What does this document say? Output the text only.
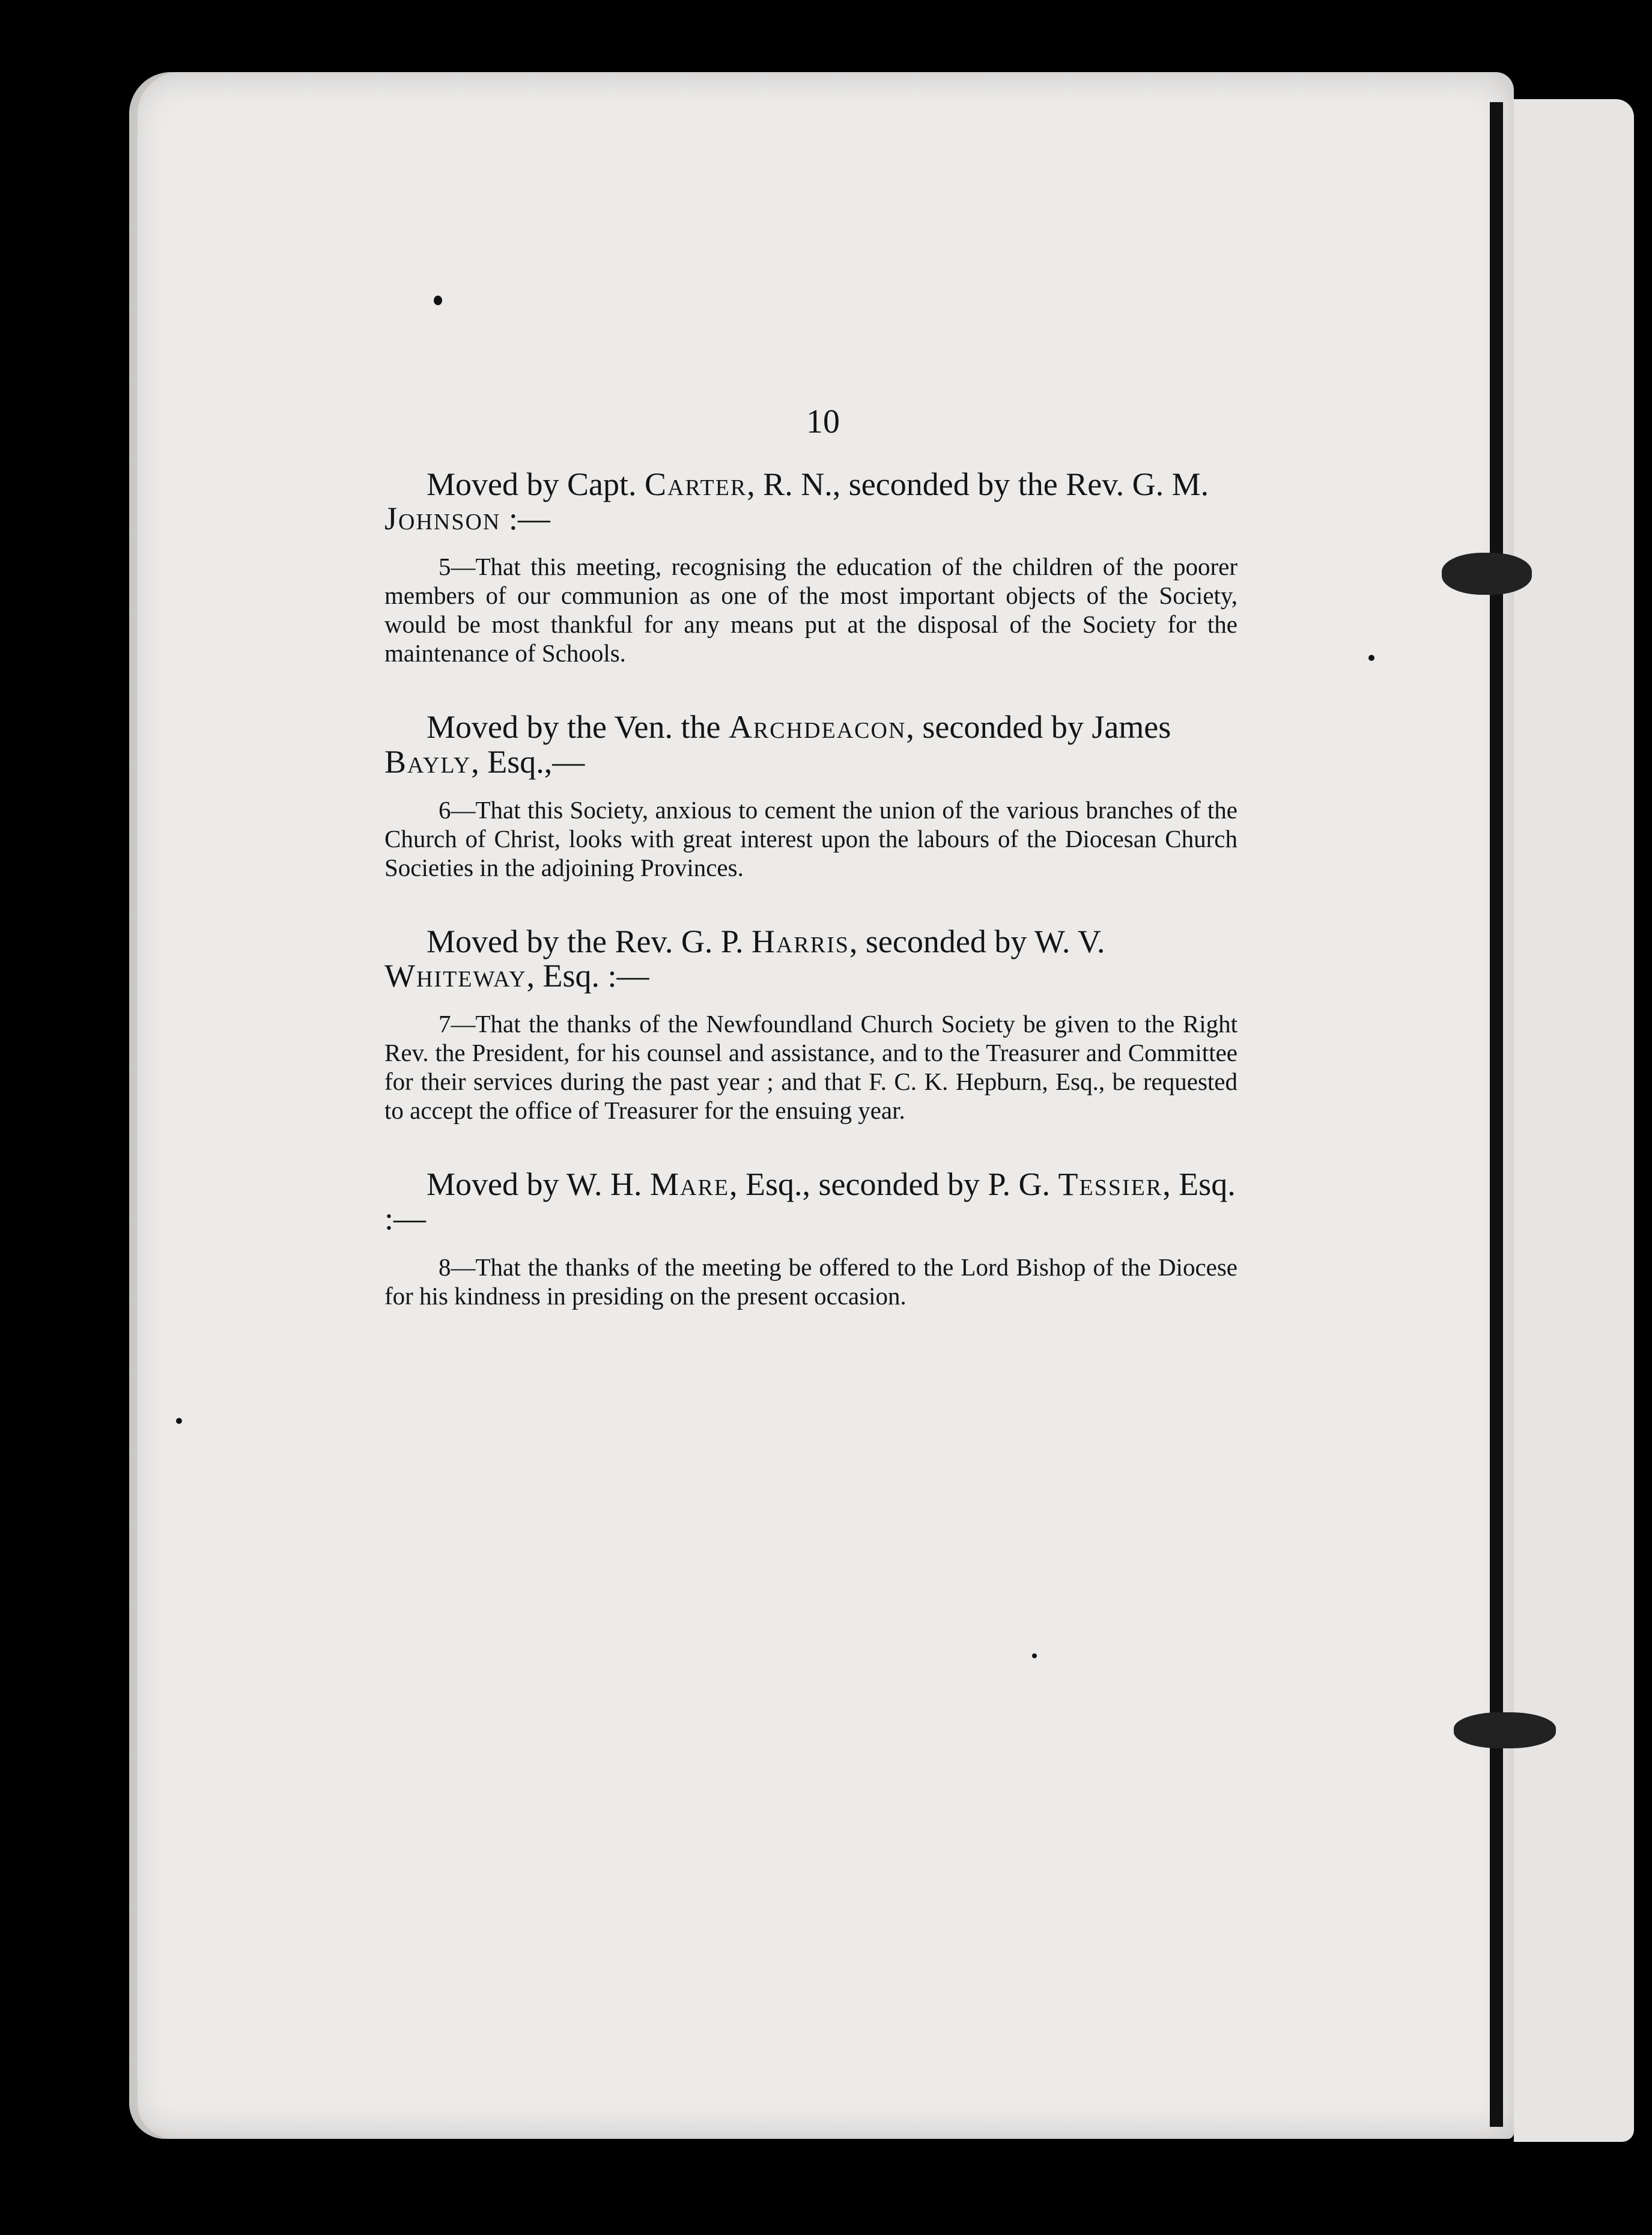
10

Moved by Capt. Carter, R. N., seconded by the Rev. G. M. Johnson :—

5—That this meeting, recognising the education of the children of the poorer members of our communion as one of the most important objects of the Society, would be most thankful for any means put at the disposal of the Society for the maintenance of Schools.

Moved by the Ven. the Archdeacon, seconded by James Bayly, Esq.,—

6—That this Society, anxious to cement the union of the various branches of the Church of Christ, looks with great interest upon the labours of the Diocesan Church Societies in the adjoining Provinces.

Moved by the Rev. G. P. Harris, seconded by W. V. Whiteway, Esq. :—

7—That the thanks of the Newfoundland Church Society be given to the Right Rev. the President, for his counsel and assistance, and to the Treasurer and Committee for their services during the past year ; and that F. C. K. Hepburn, Esq., be requested to accept the office of Treasurer for the ensuing year.

Moved by W. H. Mare, Esq., seconded by P. G. Tessier, Esq. :—

8—That the thanks of the meeting be offered to the Lord Bishop of the Diocese for his kindness in presiding on the present occasion.
